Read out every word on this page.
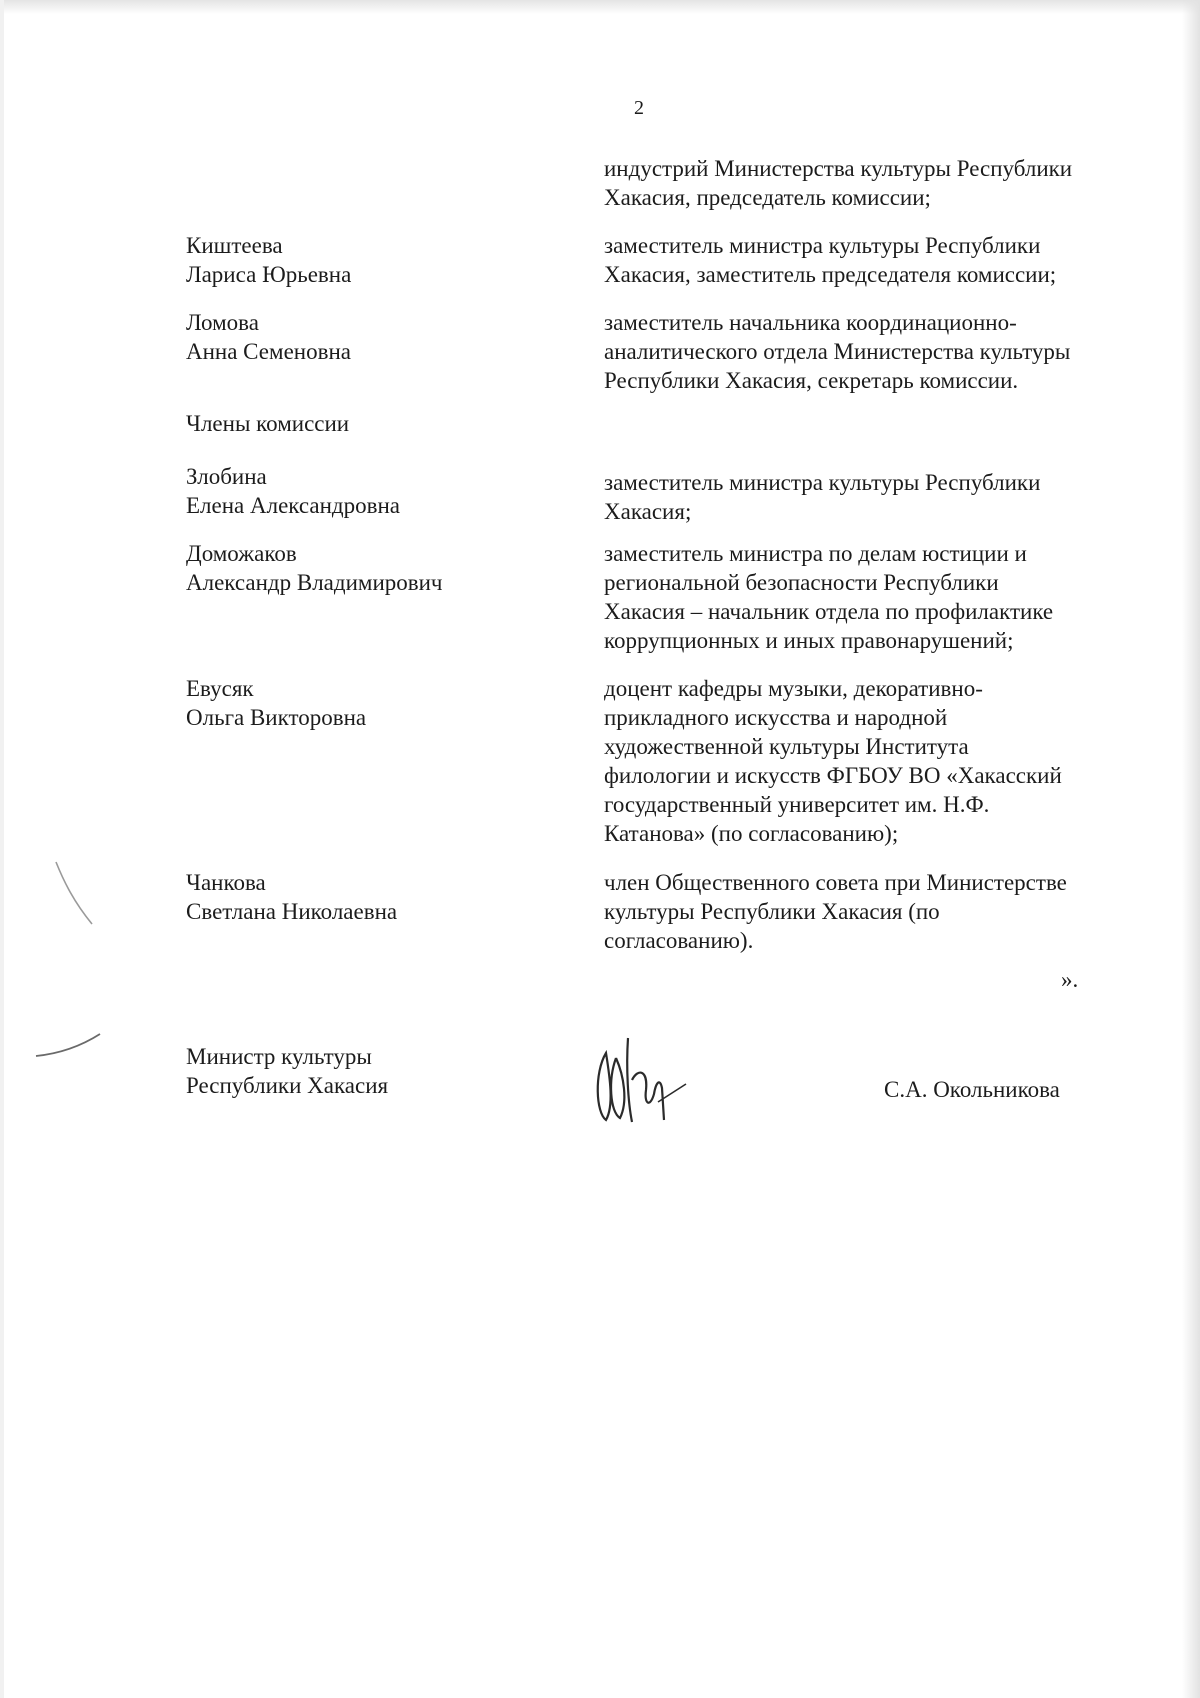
2
индустрий Министерства культуры Республики
Хакасия, председатель комиссии;
Киштеева
Лариса Юрьевна
заместитель министра культуры Республики
Хакасия, заместитель председателя комиссии;
Ломова
Анна Семеновна
заместитель начальника координационно-
аналитического отдела Министерства культуры
Республики Хакасия, секретарь комиссии.
Члены комиссии
Злобина
Елена Александровна
заместитель министра культуры Республики
Хакасия;
Доможаков
Александр Владимирович
заместитель министра по делам юстиции и
региональной безопасности Республики
Хакасия – начальник отдела по профилактике
коррупционных и иных правонарушений;
Евусяк
Ольга Викторовна
доцент кафедры музыки, декоративно-
прикладного искусства и народной
художественной культуры Института
филологии и искусств ФГБОУ ВО «Хакасский
государственный университет им. Н.Ф.
Катанова» (по согласованию);
Чанкова
Светлана Николаевна
член Общественного совета при Министерстве
культуры Республики Хакасия (по
согласованию).
».
Министр культуры
Республики Хакасия	С.А. Окольникова
